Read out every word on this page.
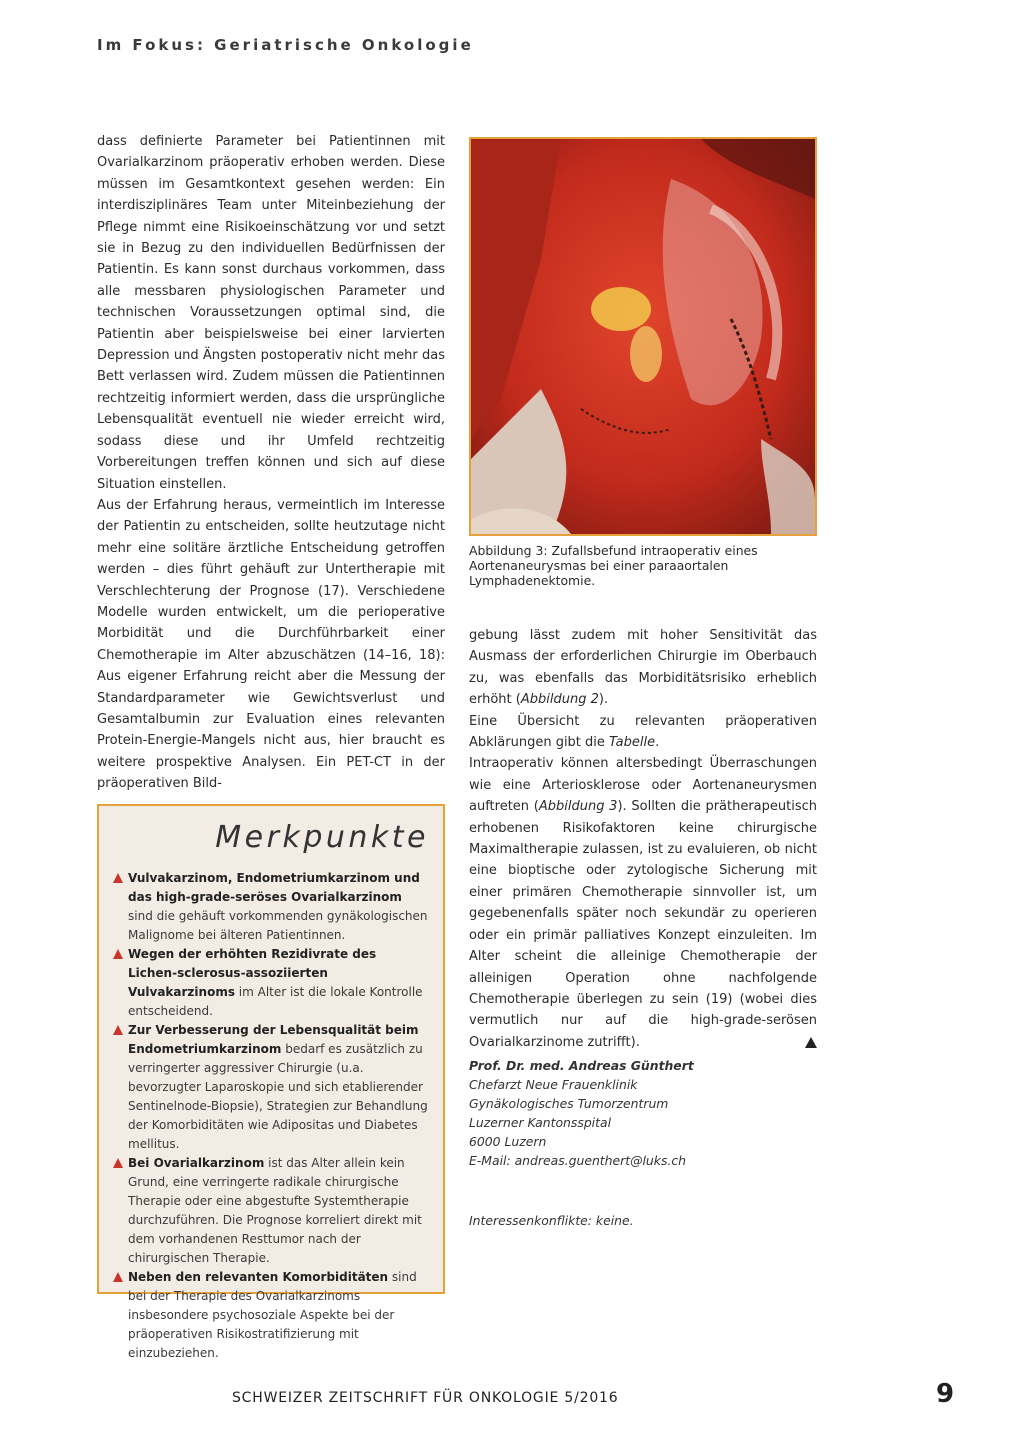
Im Fokus: Geriatrische Onkologie

dass definierte Parameter bei Patientinnen mit Ovarialkarzinom präoperativ erhoben werden. Diese müssen im Gesamtkontext gesehen werden: Ein interdisziplinäres Team unter Miteinbeziehung der Pflege nimmt eine Risikoeinschätzung vor und setzt sie in Bezug zu den individuellen Bedürfnissen der Patientin. Es kann sonst durchaus vorkommen, dass alle messbaren physiologischen Parameter und technischen Voraussetzungen optimal sind, die Patientin aber beispielsweise bei einer larvierten Depression und Ängsten postoperativ nicht mehr das Bett verlassen wird. Zudem müssen die Patientinnen rechtzeitig informiert werden, dass die ursprüngliche Lebensqualität eventuell nie wieder erreicht wird, sodass diese und ihr Umfeld rechtzeitig Vorbereitungen treffen können und sich auf diese Situation einstellen.

Aus der Erfahrung heraus, vermeintlich im Interesse der Patientin zu entscheiden, sollte heutzutage nicht mehr eine solitäre ärztliche Entscheidung getroffen werden – dies führt gehäuft zur Untertherapie mit Verschlechterung der Prognose (17). Verschiedene Modelle wurden entwickelt, um die perioperative Morbidität und die Durchführbarkeit einer Chemotherapie im Alter abzuschätzen (14–16, 18): Aus eigener Erfahrung reicht aber die Messung der Standardparameter wie Gewichtsverlust und Gesamtalbumin zur Evaluation eines relevanten Protein-Energie-Mangels nicht aus, hier braucht es weitere prospektive Analysen. Ein PET-CT in der präoperativen Bild-

Abbildung 3: Zufallsbefund intraoperativ eines Aortenaneurysmas bei einer paraaortalen Lymphadenektomie.
Merkpunkte
Vulvakarzinom, Endometriumkarzinom und das high-grade-seröses Ovarialkarzinom sind die gehäuft vorkommenden gynäkologischen Malignome bei älteren Patientinnen.
Wegen der erhöhten Rezidivrate des Lichen-sclerosus-assoziierten Vulvakarzinoms im Alter ist die lokale Kontrolle entscheidend.
Zur Verbesserung der Lebensqualität beim Endometriumkarzinom bedarf es zusätzlich zu verringerter aggressiver Chirurgie (u.a. bevorzugter Laparoskopie und sich etablierender Sentinelnode-Biopsie), Strategien zur Behandlung der Komorbiditäten wie Adipositas und Diabetes mellitus.
Bei Ovarialkarzinom ist das Alter allein kein Grund, eine verringerte radikale chirurgische Therapie oder eine abgestufte Systemtherapie durchzuführen. Die Prognose korreliert direkt mit dem vorhandenen Resttumor nach der chirurgischen Therapie.
Neben den relevanten Komorbiditäten sind bei der Therapie des Ovarialkarzinoms insbesondere psychosoziale Aspekte bei der präoperativen Risikostratifizierung mit einzubeziehen.

gebung lässt zudem mit hoher Sensitivität das Ausmass der erforderlichen Chirurgie im Oberbauch zu, was ebenfalls das Morbiditätsrisiko erheblich erhöht (Abbildung 2).

Eine Übersicht zu relevanten präoperativen Abklärungen gibt die Tabelle.

Intraoperativ können altersbedingt Überraschungen wie eine Arteriosklerose oder Aortenaneurysmen auftreten (Abbildung 3). Sollten die prätherapeutisch erhobenen Risikofaktoren keine chirurgische Maximaltherapie zulassen, ist zu evaluieren, ob nicht eine bioptische oder zytologische Sicherung mit einer primären Chemotherapie sinnvoller ist, um gegebenenfalls später noch sekundär zu operieren oder ein primär palliatives Konzept einzuleiten. Im Alter scheint die alleinige Chemotherapie der alleinigen Operation ohne nachfolgende Chemotherapie überlegen zu sein (19) (wobei dies vermutlich nur auf die high-grade-serösen Ovarialkarzinome zutrifft).

Prof. Dr. med. Andreas Günthert
Chefarzt Neue Frauenklinik
Gynäkologisches Tumorzentrum
Luzerner Kantonsspital
6000 Luzern
E-Mail: andreas.guenthert@luks.ch
Interessenkonflikte: keine.
SCHWEIZER ZEITSCHRIFT FÜR ONKOLOGIE 5/2016	9
